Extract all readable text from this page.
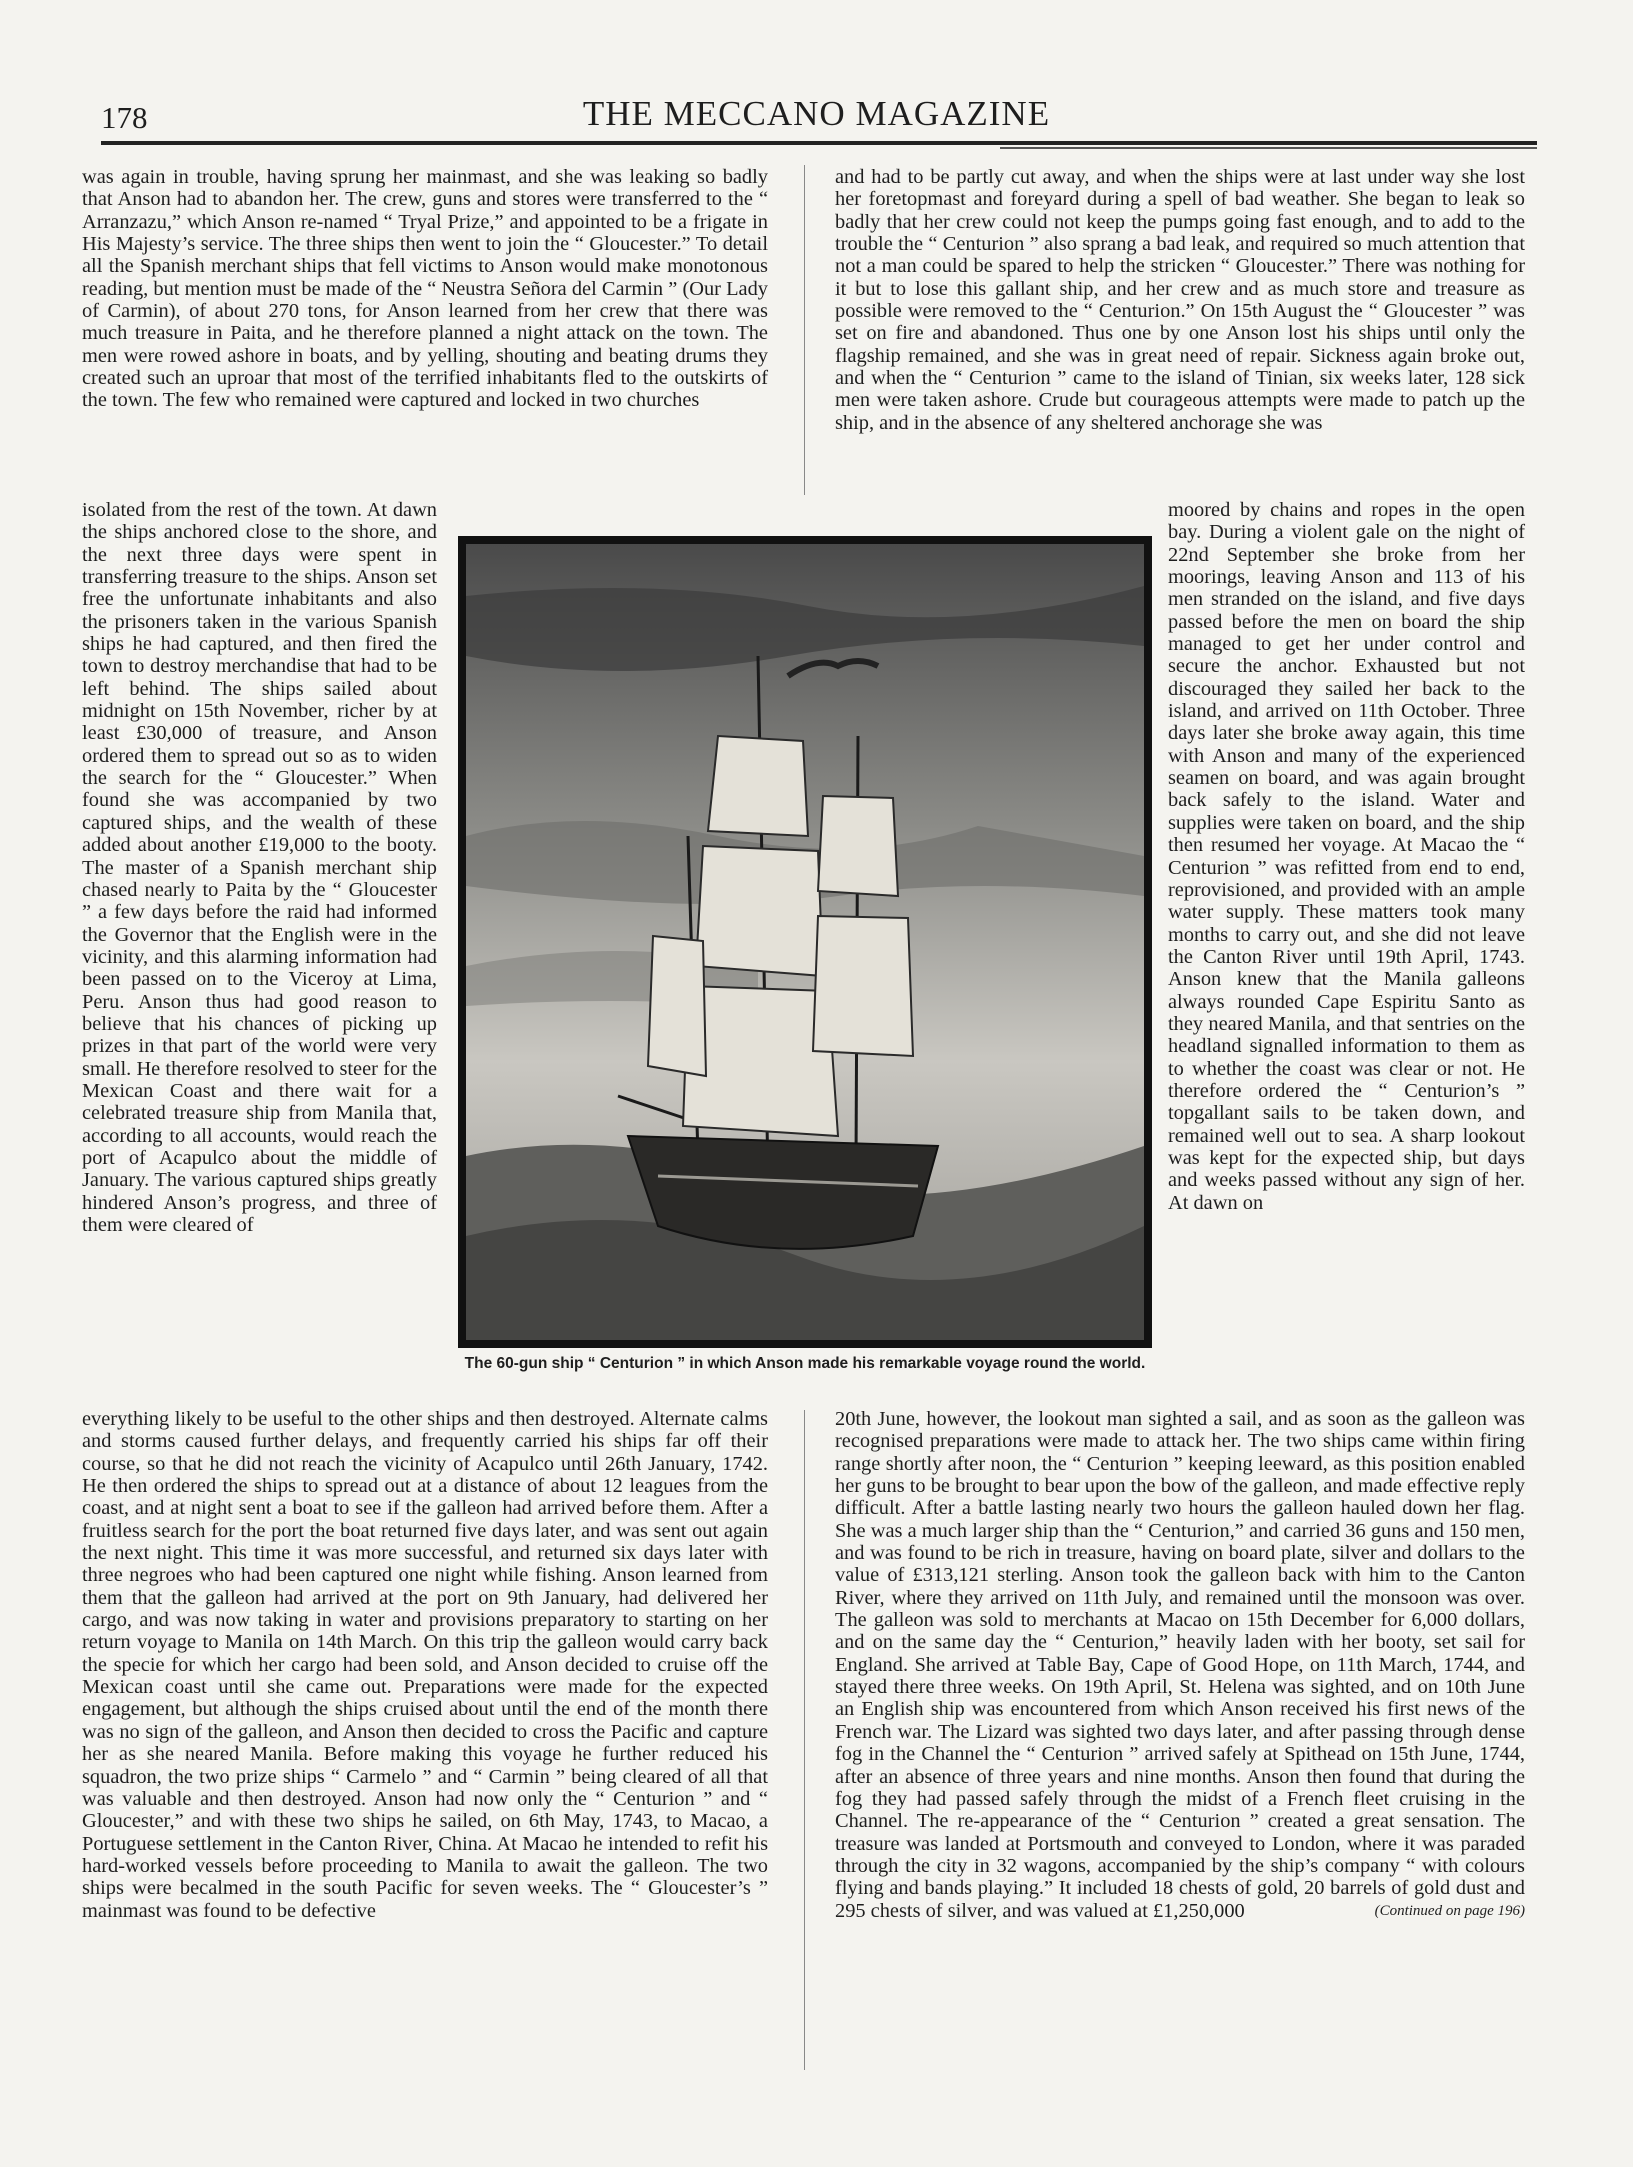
178	THE MECCANO MAGAZINE

was again in trouble, having sprung her mainmast, and she was leaking so badly that Anson had to abandon her. The crew, guns and stores were transferred to the “ Arranzazu,” which Anson re-named “ Tryal Prize,” and appointed to be a frigate in His Majesty’s service. The three ships then went to join the “ Gloucester.” To detail all the Spanish merchant ships that fell victims to Anson would make monotonous reading, but mention must be made of the “ Neustra Señora del Carmin ” (Our Lady of Carmin), of about 270 tons, for Anson learned from her crew that there was much treasure in Paita, and he therefore planned a night attack on the town. The men were rowed ashore in boats, and by yelling, shouting and beating drums they created such an uproar that most of the terrified inhabitants fled to the outskirts of the town. The few who remained were captured and locked in two churches

isolated from the rest of the town. At dawn the ships anchored close to the shore, and the next three days were spent in transferring treasure to the ships. Anson set free the unfortunate inhabitants and also the prisoners taken in the various Spanish ships he had captured, and then fired the town to destroy merchandise that had to be left behind. The ships sailed about midnight on 15th November, richer by at least £30,000 of treasure, and Anson ordered them to spread out so as to widen the search for the “ Gloucester.” When found she was accompanied by two captured ships, and the wealth of these added about another £19,000 to the booty. The master of a Spanish merchant ship chased nearly to Paita by the “ Gloucester ” a few days before the raid had informed the Governor that the English were in the vicinity, and this alarming information had been passed on to the Viceroy at Lima, Peru. Anson thus had good reason to believe that his chances of picking up prizes in that part of the world were very small. He therefore resolved to steer for the Mexican Coast and there wait for a celebrated treasure ship from Manila that, according to all accounts, would reach the port of Acapulco about the middle of January. The various captured ships greatly hindered Anson’s progress, and three of them were cleared of

everything likely to be useful to the other ships and then destroyed. Alternate calms and storms caused further delays, and frequently carried his ships far off their course, so that he did not reach the vicinity of Acapulco until 26th January, 1742. He then ordered the ships to spread out at a distance of about 12 leagues from the coast, and at night sent a boat to see if the galleon had arrived before them. After a fruitless search for the port the boat returned five days later, and was sent out again the next night. This time it was more successful, and returned six days later with three negroes who had been captured one night while fishing. Anson learned from them that the galleon had arrived at the port on 9th January, had delivered her cargo, and was now taking in water and provisions preparatory to starting on her return voyage to Manila on 14th March. On this trip the galleon would carry back the specie for which her cargo had been sold, and Anson decided to cruise off the Mexican coast until she came out. Preparations were made for the expected engagement, but although the ships cruised about until the end of the month there was no sign of the galleon, and Anson then decided to cross the Pacific and capture her as she neared Manila. Before making this voyage he further reduced his squadron, the two prize ships “ Carmelo ” and “ Carmin ” being cleared of all that was valuable and then destroyed. Anson had now only the “ Centurion ” and “ Gloucester,” and with these two ships he sailed, on 6th May, 1743, to Macao, a Portuguese settlement in the Canton River, China. At Macao he intended to refit his hard-worked vessels before proceeding to Manila to await the galleon. The two ships were becalmed in the south Pacific for seven weeks. The “ Gloucester’s ” mainmast was found to be defective

and had to be partly cut away, and when the ships were at last under way she lost her foretopmast and foreyard during a spell of bad weather. She began to leak so badly that her crew could not keep the pumps going fast enough, and to add to the trouble the “ Centurion ” also sprang a bad leak, and required so much attention that not a man could be spared to help the stricken “ Gloucester.” There was nothing for it but to lose this gallant ship, and her crew and as much store and treasure as possible were removed to the “ Centurion.” On 15th August the “ Gloucester ” was set on fire and abandoned. Thus one by one Anson lost his ships until only the flagship remained, and she was in great need of repair. Sickness again broke out, and when the “ Centurion ” came to the island of Tinian, six weeks later, 128 sick men were taken ashore. Crude but courageous attempts were made to patch up the ship, and in the absence of any sheltered anchorage she was

moored by chains and ropes in the open bay. During a violent gale on the night of 22nd September she broke from her moorings, leaving Anson and 113 of his men stranded on the island, and five days passed before the men on board the ship managed to get her under control and secure the anchor. Exhausted but not discouraged they sailed her back to the island, and arrived on 11th October. Three days later she broke away again, this time with Anson and many of the experienced seamen on board, and was again brought back safely to the island. Water and supplies were taken on board, and the ship then resumed her voyage. At Macao the “ Centurion ” was refitted from end to end, reprovisioned, and provided with an ample water supply. These matters took many months to carry out, and she did not leave the Canton River until 19th April, 1743. Anson knew that the Manila galleons always rounded Cape Espiritu Santo as they neared Manila, and that sentries on the headland signalled information to them as to whether the coast was clear or not. He therefore ordered the “ Centurion’s ” topgallant sails to be taken down, and remained well out to sea. A sharp lookout was kept for the expected ship, but days and weeks passed without any sign of her. At dawn on

20th June, however, the lookout man sighted a sail, and as soon as the galleon was recognised preparations were made to attack her. The two ships came within firing range shortly after noon, the “ Centurion ” keeping leeward, as this position enabled her guns to be brought to bear upon the bow of the galleon, and made effective reply difficult. After a battle lasting nearly two hours the galleon hauled down her flag. She was a much larger ship than the “ Centurion,” and carried 36 guns and 150 men, and was found to be rich in treasure, having on board plate, silver and dollars to the value of £313,121 sterling. Anson took the galleon back with him to the Canton River, where they arrived on 11th July, and remained until the monsoon was over. The galleon was sold to merchants at Macao on 15th December for 6,000 dollars, and on the same day the “ Centurion,” heavily laden with her booty, set sail for England. She arrived at Table Bay, Cape of Good Hope, on 11th March, 1744, and stayed there three weeks. On 19th April, St. Helena was sighted, and on 10th June an English ship was encountered from which Anson received his first news of the French war. The Lizard was sighted two days later, and after passing through dense fog in the Channel the “ Centurion ” arrived safely at Spithead on 15th June, 1744, after an absence of three years and nine months. Anson then found that during the fog they had passed safely through the midst of a French fleet cruising in the Channel. The re-appearance of the “ Centurion ” created a great sensation. The treasure was landed at Portsmouth and conveyed to London, where it was paraded through the city in 32 wagons, accompanied by the ship’s company “ with colours flying and bands playing.” It included 18 chests of gold, 20 barrels of gold dust and 295 chests of silver, and was valued at £1,250,000	(Continued on page 196)

The 60-gun ship “ Centurion ” in which Anson made his remarkable voyage round the world.
